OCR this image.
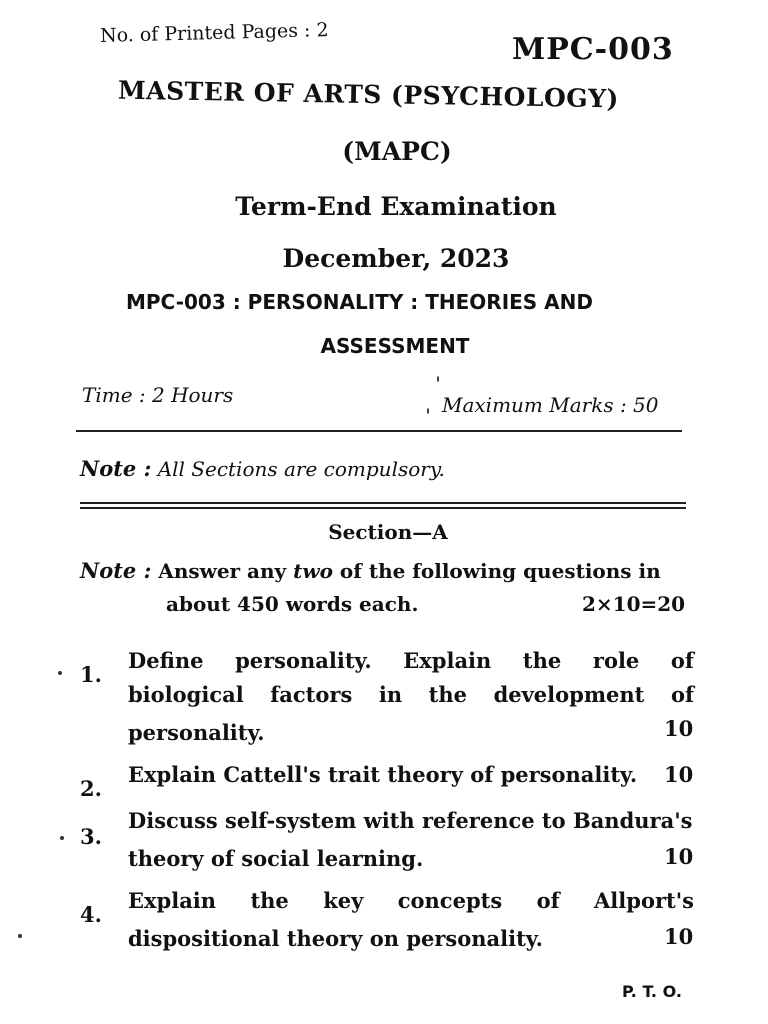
No. of Printed Pages : 2	MPC-003
MASTER OF ARTS (PSYCHOLOGY)
(MAPC)
Term-End Examination
December, 2023
MPC-003 : PERSONALITY : THEORIES AND
ASSESSMENT
Time : 2 Hours	Maximum Marks : 50
Note : All Sections are compulsory.
Section—A
Note : Answer any two of the following questions in
about 450 words each.	2×10=20
1.
Define personality. Explain the role of
biological factors in the development of
personality.	10
2.
Explain Cattell's trait theory of personality. 10
3.
Discuss self-system with reference to Bandura's
theory of social learning.	10
4.
Explain the key concepts of Allport's
dispositional theory on personality.	10
P. T. O.
